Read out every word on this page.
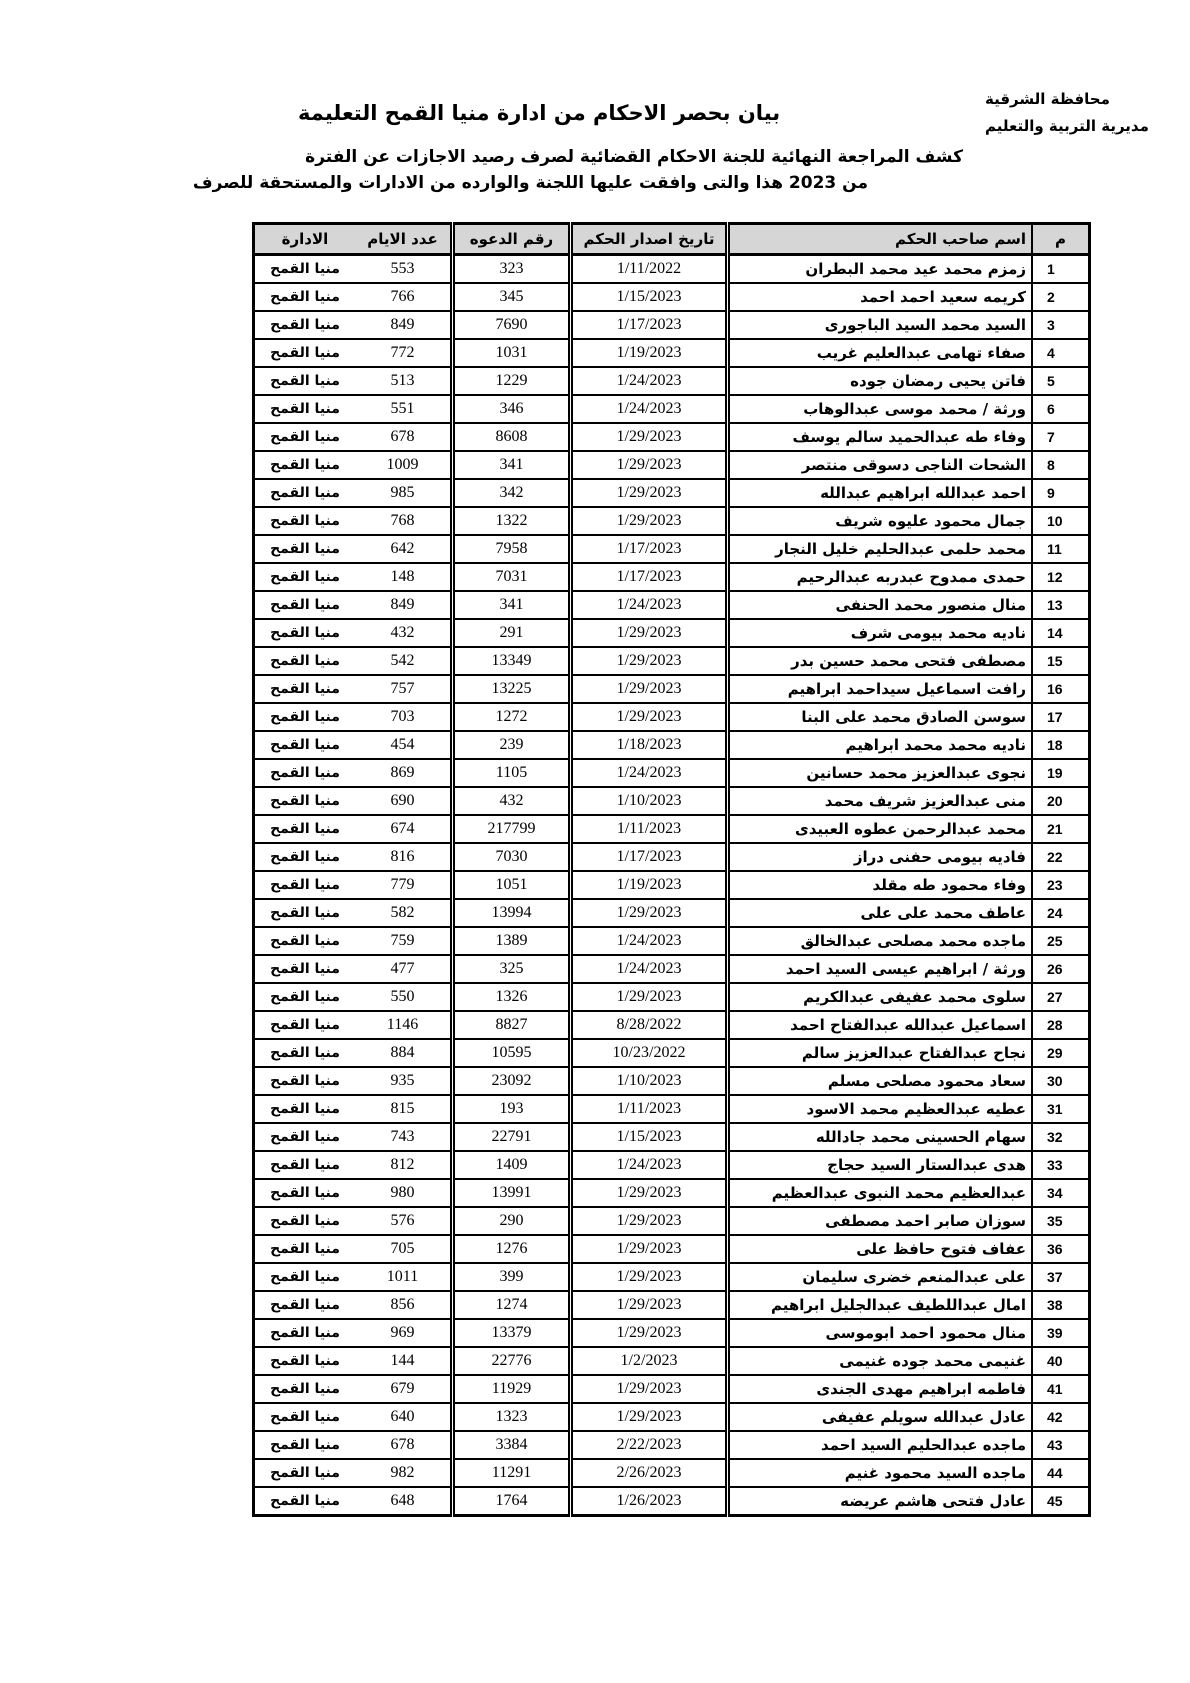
محافظة الشرقية
مديرية التربية والتعليم
بيان بحصر الاحكام من ادارة منيا القمح التعليمة
كشف المراجعة النهائية للجنة الاحكام القضائية لصرف رصيد الاجازات عن الفترة
من 2023 هذا والتى وافقت عليها اللجنة والوارده من الادارات والمستحقة للصرف
م	اسم صاحب الحكم	تاريخ اصدار الحكم	رقم الدعوه	عدد الايام	الادارة
1	زمزم محمد عيد محمد البطران	1/11/2022	323	553	منيا القمح
2	كريمه سعيد احمد احمد	1/15/2023	345	766	منيا القمح
3	السيد محمد السيد الباجورى	1/17/2023	7690	849	منيا القمح
4	صفاء تهامى عبدالعليم غريب	1/19/2023	1031	772	منيا القمح
5	فاتن يحيى رمضان جوده	1/24/2023	1229	513	منيا القمح
6	ورثة / محمد موسى عبدالوهاب	1/24/2023	346	551	منيا القمح
7	وفاء طه عبدالحميد سالم يوسف	1/29/2023	8608	678	منيا القمح
8	الشحات الناجى دسوقى منتصر	1/29/2023	341	1009	منيا القمح
9	احمد عبدالله ابراهيم عبدالله	1/29/2023	342	985	منيا القمح
10	جمال محمود عليوه شريف	1/29/2023	1322	768	منيا القمح
11	محمد حلمى عبدالحليم خليل النجار	1/17/2023	7958	642	منيا القمح
12	حمدى ممدوح عبدربه عبدالرحيم	1/17/2023	7031	148	منيا القمح
13	منال منصور محمد الحنفى	1/24/2023	341	849	منيا القمح
14	ناديه محمد بيومى شرف	1/29/2023	291	432	منيا القمح
15	مصطفى فتحى محمد حسين بدر	1/29/2023	13349	542	منيا القمح
16	رافت اسماعيل سيداحمد ابراهيم	1/29/2023	13225	757	منيا القمح
17	سوسن الصادق محمد على البنا	1/29/2023	1272	703	منيا القمح
18	ناديه محمد محمد ابراهيم	1/18/2023	239	454	منيا القمح
19	نجوى عبدالعزيز محمد حسانين	1/24/2023	1105	869	منيا القمح
20	منى عبدالعزيز شريف محمد	1/10/2023	432	690	منيا القمح
21	محمد عبدالرحمن عطوه العبيدى	1/11/2023	217799	674	منيا القمح
22	فاديه بيومى حفنى دراز	1/17/2023	7030	816	منيا القمح
23	وفاء محمود طه مقلد	1/19/2023	1051	779	منيا القمح
24	عاطف محمد على على	1/29/2023	13994	582	منيا القمح
25	ماجده محمد مصلحى عبدالخالق	1/24/2023	1389	759	منيا القمح
26	ورثة / ابراهيم عيسى السيد احمد	1/24/2023	325	477	منيا القمح
27	سلوى محمد عفيفى عبدالكريم	1/29/2023	1326	550	منيا القمح
28	اسماعيل عبدالله عبدالفتاح احمد	8/28/2022	8827	1146	منيا القمح
29	نجاح عبدالفتاح عبدالعزيز سالم	10/23/2022	10595	884	منيا القمح
30	سعاد محمود مصلحى مسلم	1/10/2023	23092	935	منيا القمح
31	عطيه عبدالعظيم محمد الاسود	1/11/2023	193	815	منيا القمح
32	سهام الحسينى محمد جادالله	1/15/2023	22791	743	منيا القمح
33	هدى عبدالستار السيد حجاج	1/24/2023	1409	812	منيا القمح
34	عبدالعظيم محمد النبوى عبدالعظيم	1/29/2023	13991	980	منيا القمح
35	سوزان صابر احمد مصطفى	1/29/2023	290	576	منيا القمح
36	عفاف فتوح حافظ على	1/29/2023	1276	705	منيا القمح
37	على عبدالمنعم خضرى سليمان	1/29/2023	399	1011	منيا القمح
38	امال عبداللطيف عبدالجليل ابراهيم	1/29/2023	1274	856	منيا القمح
39	منال محمود احمد ابوموسى	1/29/2023	13379	969	منيا القمح
40	غنيمى محمد جوده غنيمى	1/2/2023	22776	144	منيا القمح
41	فاطمه ابراهيم مهدى الجندى	1/29/2023	11929	679	منيا القمح
42	عادل عبدالله سويلم عفيفى	1/29/2023	1323	640	منيا القمح
43	ماجده عبدالحليم السيد احمد	2/22/2023	3384	678	منيا القمح
44	ماجده السيد محمود غنيم	2/26/2023	11291	982	منيا القمح
45	عادل فتحى هاشم عريضه	1/26/2023	1764	648	منيا القمح
